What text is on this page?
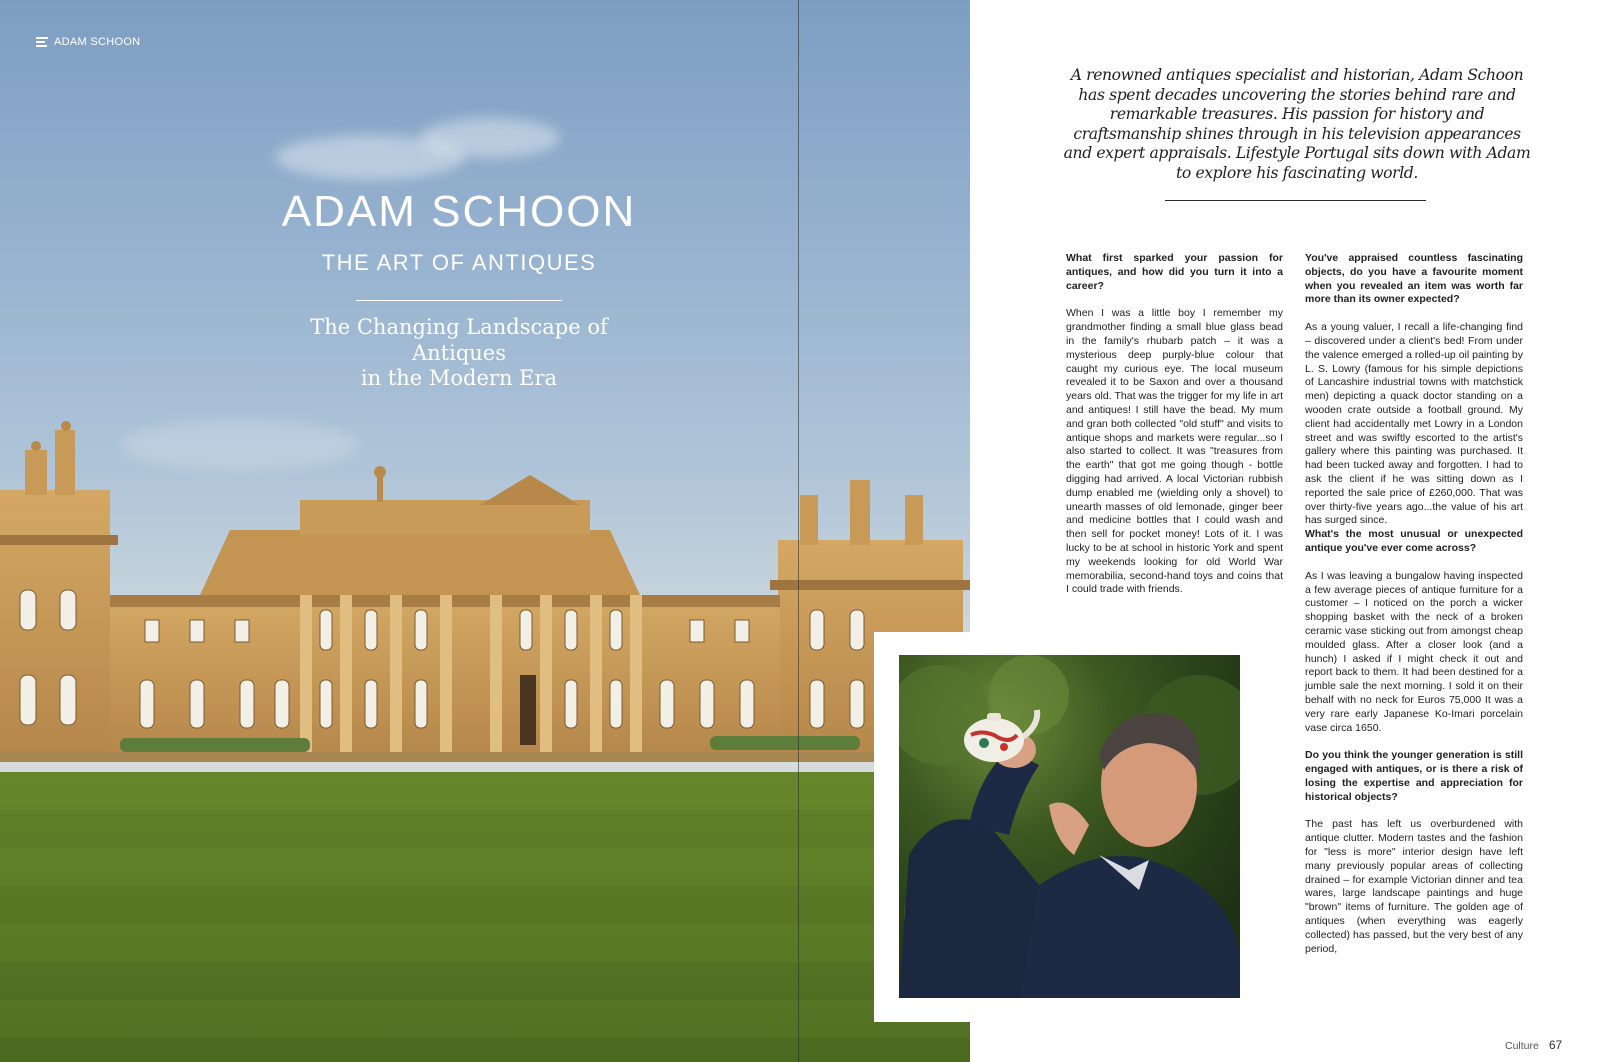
ADAM SCHOON
ADAM SCHOON
THE ART OF ANTIQUES
The Changing Landscape of Antiques
in the Modern Era
A renowned antiques specialist and historian, Adam Schoon has spent decades uncovering the stories behind rare and remarkable treasures. His passion for history and craftsmanship shines through in his television appearances and expert appraisals. Lifestyle Portugal sits down with Adam to explore his fascinating world.

What first sparked your passion for antiques, and how did you turn it into a career?

When I was a little boy I remember my grandmother finding a small blue glass bead in the family's rhubarb patch – it was a mysterious deep purply-blue colour that caught my curious eye. The local museum revealed it to be Saxon and over a thousand years old. That was the trigger for my life in art and antiques! I still have the bead. My mum and gran both collected "old stuff" and visits to antique shops and markets were regular...so I also started to collect. It was "treasures from the earth" that got me going though - bottle digging had arrived. A local Victorian rubbish dump enabled me (wielding only a shovel) to unearth masses of old lemonade, ginger beer and medicine bottles that I could wash and then sell for pocket money! Lots of it. I was lucky to be at school in historic York and spent my weekends looking for old World War memorabilia, second-hand toys and coins that I could trade with friends.

You've appraised countless fascinating objects, do you have a favourite moment when you revealed an item was worth far more than its owner expected?

As a young valuer, I recall a life-changing find – discovered under a client's bed! From under the valence emerged a rolled-up oil painting by L. S. Lowry (famous for his simple depictions of Lancashire industrial towns with matchstick men) depicting a quack doctor standing on a wooden crate outside a football ground. My client had accidentally met Lowry in a London street and was swiftly escorted to the artist's gallery where this painting was purchased. It had been tucked away and forgotten. I had to ask the client if he was sitting down as I reported the sale price of £260,000. That was over thirty-five years ago...the value of his art has surged since.

What's the most unusual or unexpected antique you've ever come across?

As I was leaving a bungalow having inspected a few average pieces of antique furniture for a customer – I noticed on the porch a wicker shopping basket with the neck of a broken ceramic vase sticking out from amongst cheap moulded glass. After a closer look (and a hunch) I asked if I might check it out and report back to them. It had been destined for a jumble sale the next morning. I sold it on their behalf with no neck for Euros 75,000 It was a very rare early Japanese Ko-Imari porcelain vase circa 1650.

Do you think the younger generation is still engaged with antiques, or is there a risk of losing the expertise and appreciation for historical objects?

The past has left us overburdened with antique clutter. Modern tastes and the fashion for "less is more" interior design have left many previously popular areas of collecting drained – for example Victorian dinner and tea wares, large landscape paintings and huge "brown" items of furniture. The golden age of antiques (when everything was eagerly collected) has passed, but the very best of any period,

Culture 67
